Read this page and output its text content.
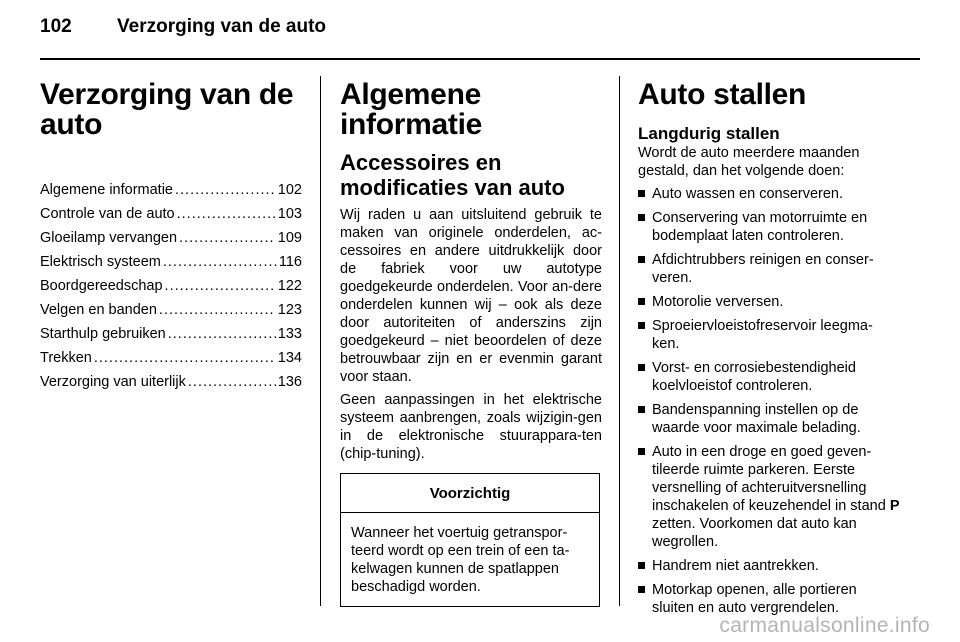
102 Verzorging van de auto
Verzorging van de auto
Algemene informatie .....	102
Controle van de auto .....	103
Gloeilamp vervangen .....	109
Elektrisch systeem .....	116
Boordgereedschap .....	122
Velgen en banden .....	123
Starthulp gebruiken .....	133
Trekken .....	134
Verzorging van uiterlijk .....	136
Algemene informatie
Accessoires en modificaties van auto

Wij raden u aan uitsluitend gebruik te maken van originele onderdelen, ac-cessoires en andere uitdrukkelijk door de fabriek voor uw autotype goedgekeurde onderdelen. Voor an-dere onderdelen kunnen wij – ook als deze door autoriteiten of anderszins zijn goedgekeurd – niet beoordelen of deze betrouwbaar zijn en er evenmin garant voor staan.

Geen aanpassingen in het elektrische systeem aanbrengen, zoals wijzigin-gen in de elektronische stuurappara-ten (chip-tuning).

Voorzichtig
Wanneer het voertuig getranspor-teerd wordt op een trein of een ta-kelwagen kunnen de spatlappen beschadigd worden.
Auto stallen
Langdurig stallen

Wordt de auto meerdere maanden gestald, dan het volgende doen:

Auto wassen en conserveren.
Conservering van motorruimte en bodemplaat laten controleren.
Afdichtrubbers reinigen en conser-veren.
Motorolie verversen.
Sproeiervloeistofreservoir leegma-ken.
Vorst- en corrosiebestendigheid koelvloeistof controleren.
Bandenspanning instellen op de waarde voor maximale belading.
Auto in een droge en goed geven-tileerde ruimte parkeren. Eerste versnelling of achteruitversnelling inschakelen of keuzehendel in stand P zetten. Voorkomen dat auto kan wegrollen.
Handrem niet aantrekken.
Motorkap openen, alle portieren sluiten en auto vergrendelen.
carmanualsonline.info
